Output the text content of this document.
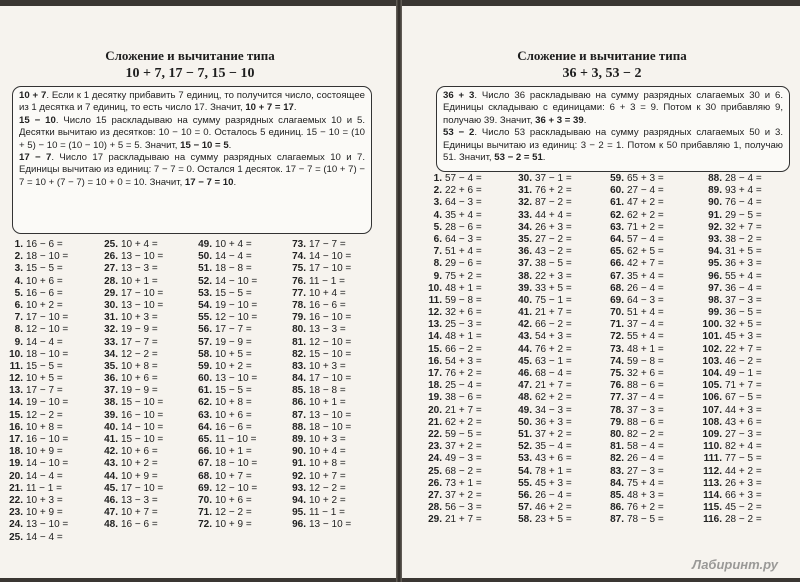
Сложение и вычитание типа
10 + 7, 17 − 7, 15 − 10

10 + 7. Если к 1 десятку прибавить 7 единиц, то получится число, состоящее из 1 десятка и 7 единиц, то есть число 17. Значит, 10 + 7 = 17.

15 − 10. Число 15 раскладываю на сумму разрядных слагаемых 10 и 5. Десятки вычитаю из десятков: 10 − 10 = 0. Осталось 5 единиц. 15 − 10 = (10 + 5) − 10 = (10 − 10) + 5 = 5. Значит, 15 − 10 = 5.

17 − 7. Число 17 раскладываю на сумму разрядных слагаемых 10 и 7. Единицы вычитаю из единиц: 7 − 7 = 0. Остался 1 десяток. 17 − 7 = (10 + 7) − 7 = 10 + (7 − 7) = 10 + 0 = 10. Значит, 17 − 7 = 10.

1. 16 − 6 =
2. 18 − 10 =
3. 15 − 5 =
4. 10 + 6 =
5. 16 − 6 =
6. 10 + 2 =
7. 17 − 10 =
8. 12 − 10 =
9. 14 − 4 =
10. 18 − 10 =
11. 15 − 5 =
12. 10 + 5 =
13. 17 − 7 =
14. 19 − 10 =
15. 12 − 2 =
16. 10 + 8 =
17. 16 − 10 =
18. 10 + 9 =
19. 14 − 10 =
20. 14 − 4 =
21. 11 − 1 =
22. 10 + 3 =
23. 10 + 9 =
24. 13 − 10 =
25. 14 − 4 =
25. 10 + 4 =
26. 13 − 10 =
27. 13 − 3 =
28. 10 + 1 =
29. 17 − 10 =
30. 13 − 10 =
31. 10 + 3 =
32. 19 − 9 =
33. 17 − 7 =
34. 12 − 2 =
35. 10 + 8 =
36. 10 + 6 =
37. 19 − 9 =
38. 15 − 10 =
39. 16 − 10 =
40. 14 − 10 =
41. 15 − 10 =
42. 10 + 6 =
43. 10 + 2 =
44. 10 + 9 =
45. 17 − 10 =
46. 13 − 3 =
47. 10 + 7 =
48. 16 − 6 =
49. 10 + 4 =
50. 14 − 4 =
51. 18 − 8 =
52. 14 − 10 =
53. 15 − 5 =
54. 19 − 10 =
55. 12 − 10 =
56. 17 − 7 =
57. 19 − 9 =
58. 10 + 5 =
59. 10 + 2 =
60. 13 − 10 =
61. 15 − 5 =
62. 10 + 8 =
63. 10 + 6 =
64. 16 − 6 =
65. 11 − 10 =
66. 10 + 1 =
67. 18 − 10 =
68. 10 + 7 =
69. 12 − 10 =
70. 10 + 6 =
71. 12 − 2 =
72. 10 + 9 =
73. 17 − 7 =
74. 14 − 10 =
75. 17 − 10 =
76. 11 − 1 =
77. 10 + 4 =
78. 16 − 6 =
79. 16 − 10 =
80. 13 − 3 =
81. 12 − 10 =
82. 15 − 10 =
83. 10 + 3 =
84. 17 − 10 =
85. 18 − 8 =
86. 10 + 1 =
87. 13 − 10 =
88. 18 − 10 =
89. 10 + 3 =
90. 10 + 4 =
91. 10 + 8 =
92. 10 + 7 =
93. 12 − 2 =
94. 10 + 2 =
95. 11 − 1 =
96. 13 − 10 =
Сложение и вычитание типа
36 + 3, 53 − 2

36 + 3. Число 36 раскладываю на сумму разрядных слагаемых 30 и 6. Единицы складываю с единицами: 6 + 3 = 9. Потом к 30 прибавляю 9, получаю 39. Значит, 36 + 3 = 39.

53 − 2. Число 53 раскладываю на сумму разрядных слагаемых 50 и 3. Единицы вычитаю из единиц: 3 − 2 = 1. Потом к 50 прибавляю 1, получаю 51. Значит, 53 − 2 = 51.

1. 57 − 4 =
2. 22 + 6 =
3. 64 − 3 =
4. 35 + 4 =
5. 28 − 6 =
6. 64 − 3 =
7. 51 + 4 =
8. 29 − 6 =
9. 75 + 2 =
10. 48 + 1 =
11. 59 − 8 =
12. 32 + 6 =
13. 25 − 3 =
14. 48 + 1 =
15. 66 − 2 =
16. 54 + 3 =
17. 76 + 2 =
18. 25 − 4 =
19. 38 − 6 =
20. 21 + 7 =
21. 62 + 2 =
22. 59 − 5 =
23. 37 + 2 =
24. 49 − 3 =
25. 68 − 2 =
26. 73 + 1 =
27. 37 + 2 =
28. 56 − 3 =
29. 21 + 7 =
30. 37 − 1 =
31. 76 + 2 =
32. 87 − 2 =
33. 44 + 4 =
34. 26 + 3 =
35. 27 − 2 =
36. 43 − 2 =
37. 38 − 5 =
38. 22 + 3 =
39. 33 + 5 =
40. 75 − 1 =
41. 21 + 7 =
42. 66 − 2 =
43. 54 + 3 =
44. 76 + 2 =
45. 63 − 1 =
46. 68 − 4 =
47. 21 + 7 =
48. 62 + 2 =
49. 34 − 3 =
50. 36 + 3 =
51. 37 + 2 =
52. 35 − 4 =
53. 43 + 6 =
54. 78 + 1 =
55. 45 + 3 =
56. 26 − 4 =
57. 46 + 2 =
58. 23 + 5 =
59. 65 + 3 =
60. 27 − 4 =
61. 47 + 2 =
62. 62 + 2 =
63. 71 + 2 =
64. 57 − 4 =
65. 62 + 5 =
66. 42 + 7 =
67. 35 + 4 =
68. 26 − 4 =
69. 64 − 3 =
70. 51 + 4 =
71. 37 − 4 =
72. 55 + 4 =
73. 48 + 1 =
74. 59 − 8 =
75. 32 + 6 =
76. 88 − 6 =
77. 37 − 4 =
78. 37 − 3 =
79. 88 − 6 =
80. 82 − 2 =
81. 58 − 4 =
82. 26 − 4 =
83. 27 − 3 =
84. 75 + 4 =
85. 48 + 3 =
86. 76 + 2 =
87. 78 − 5 =
88. 28 − 4 =
89. 93 + 4 =
90. 76 − 4 =
91. 29 − 5 =
92. 32 + 7 =
93. 38 − 2 =
94. 31 + 5 =
95. 36 + 3 =
96. 55 + 4 =
97. 36 − 4 =
98. 37 − 3 =
99. 36 − 5 =
100. 32 + 5 =
101. 45 + 3 =
102. 22 + 7 =
103. 46 − 2 =
104. 49 − 1 =
105. 71 + 7 =
106. 67 − 5 =
107. 44 + 3 =
108. 43 + 6 =
109. 27 − 3 =
110. 82 + 4 =
111. 77 − 5 =
112. 44 + 2 =
113. 26 + 3 =
114. 66 + 3 =
115. 45 − 2 =
116. 28 − 2 =
Лабиринт.ру
